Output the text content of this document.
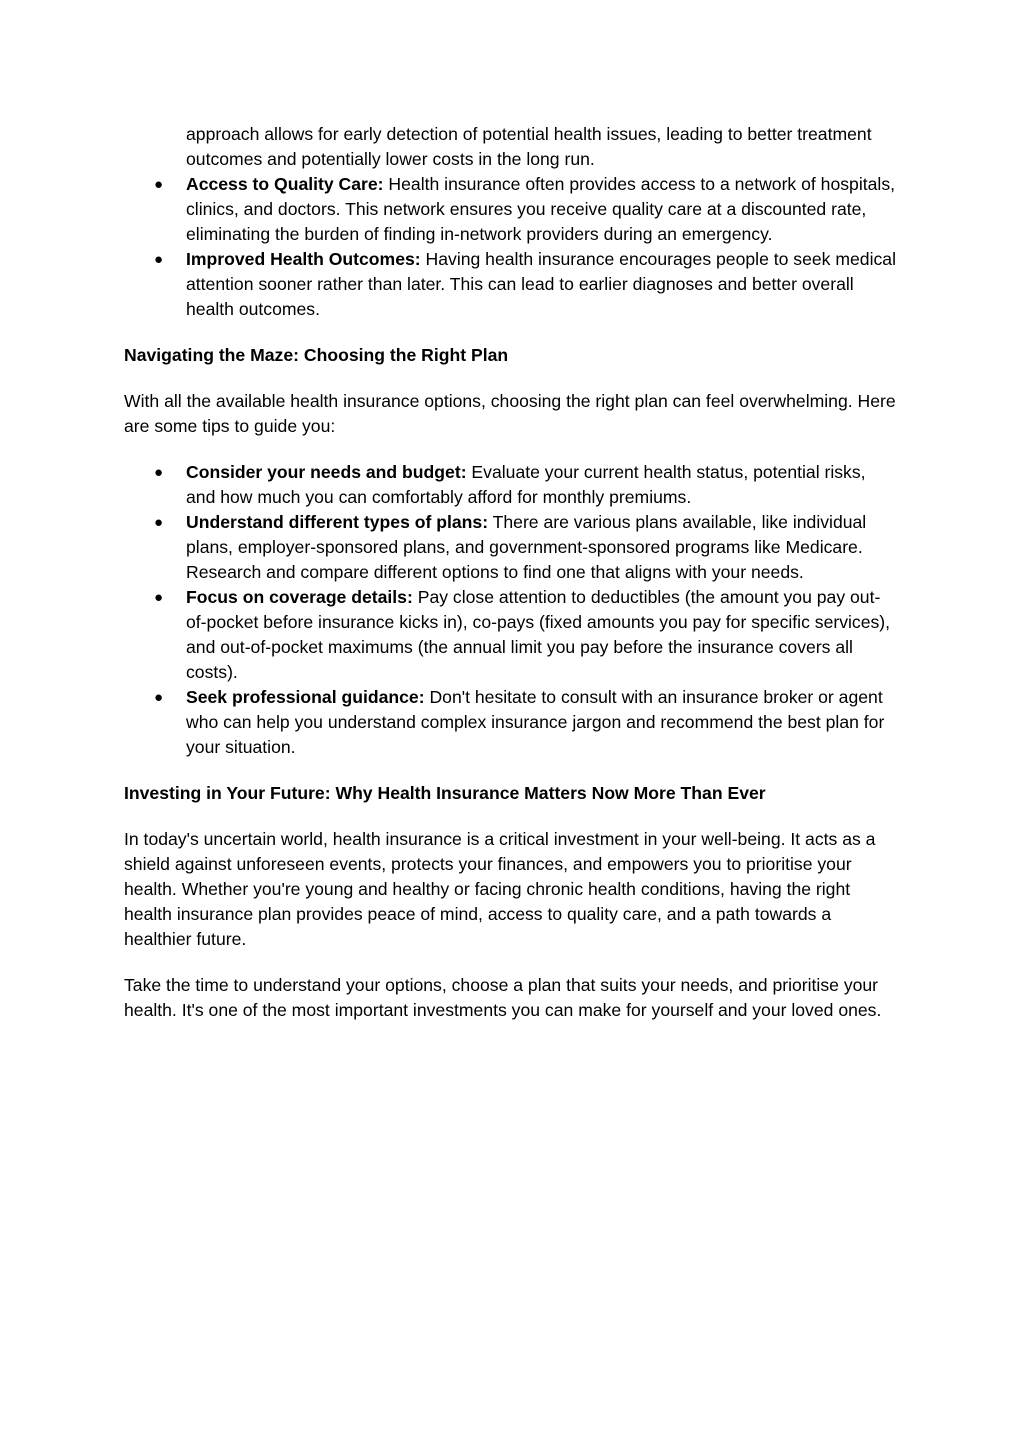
approach allows for early detection of potential health issues, leading to better treatment outcomes and potentially lower costs in the long run.

● Access to Quality Care: Health insurance often provides access to a network of hospitals, clinics, and doctors. This network ensures you receive quality care at a discounted rate, eliminating the burden of finding in-network providers during an emergency.
● Improved Health Outcomes: Having health insurance encourages people to seek medical attention sooner rather than later. This can lead to earlier diagnoses and better overall health outcomes.

Navigating the Maze: Choosing the Right Plan

With all the available health insurance options, choosing the right plan can feel overwhelming. Here are some tips to guide you:

● Consider your needs and budget: Evaluate your current health status, potential risks, and how much you can comfortably afford for monthly premiums.
● Understand different types of plans: There are various plans available, like individual plans, employer-sponsored plans, and government-sponsored programs like Medicare. Research and compare different options to find one that aligns with your needs.
● Focus on coverage details: Pay close attention to deductibles (the amount you pay out-of-pocket before insurance kicks in), co-pays (fixed amounts you pay for specific services), and out-of-pocket maximums (the annual limit you pay before the insurance covers all costs).
● Seek professional guidance: Don't hesitate to consult with an insurance broker or agent who can help you understand complex insurance jargon and recommend the best plan for your situation.

Investing in Your Future: Why Health Insurance Matters Now More Than Ever

In today's uncertain world, health insurance is a critical investment in your well-being. It acts as a shield against unforeseen events, protects your finances, and empowers you to prioritise your health. Whether you're young and healthy or facing chronic health conditions, having the right health insurance plan provides peace of mind, access to quality care, and a path towards a healthier future.

Take the time to understand your options, choose a plan that suits your needs, and prioritise your health. It's one of the most important investments you can make for yourself and your loved ones.
